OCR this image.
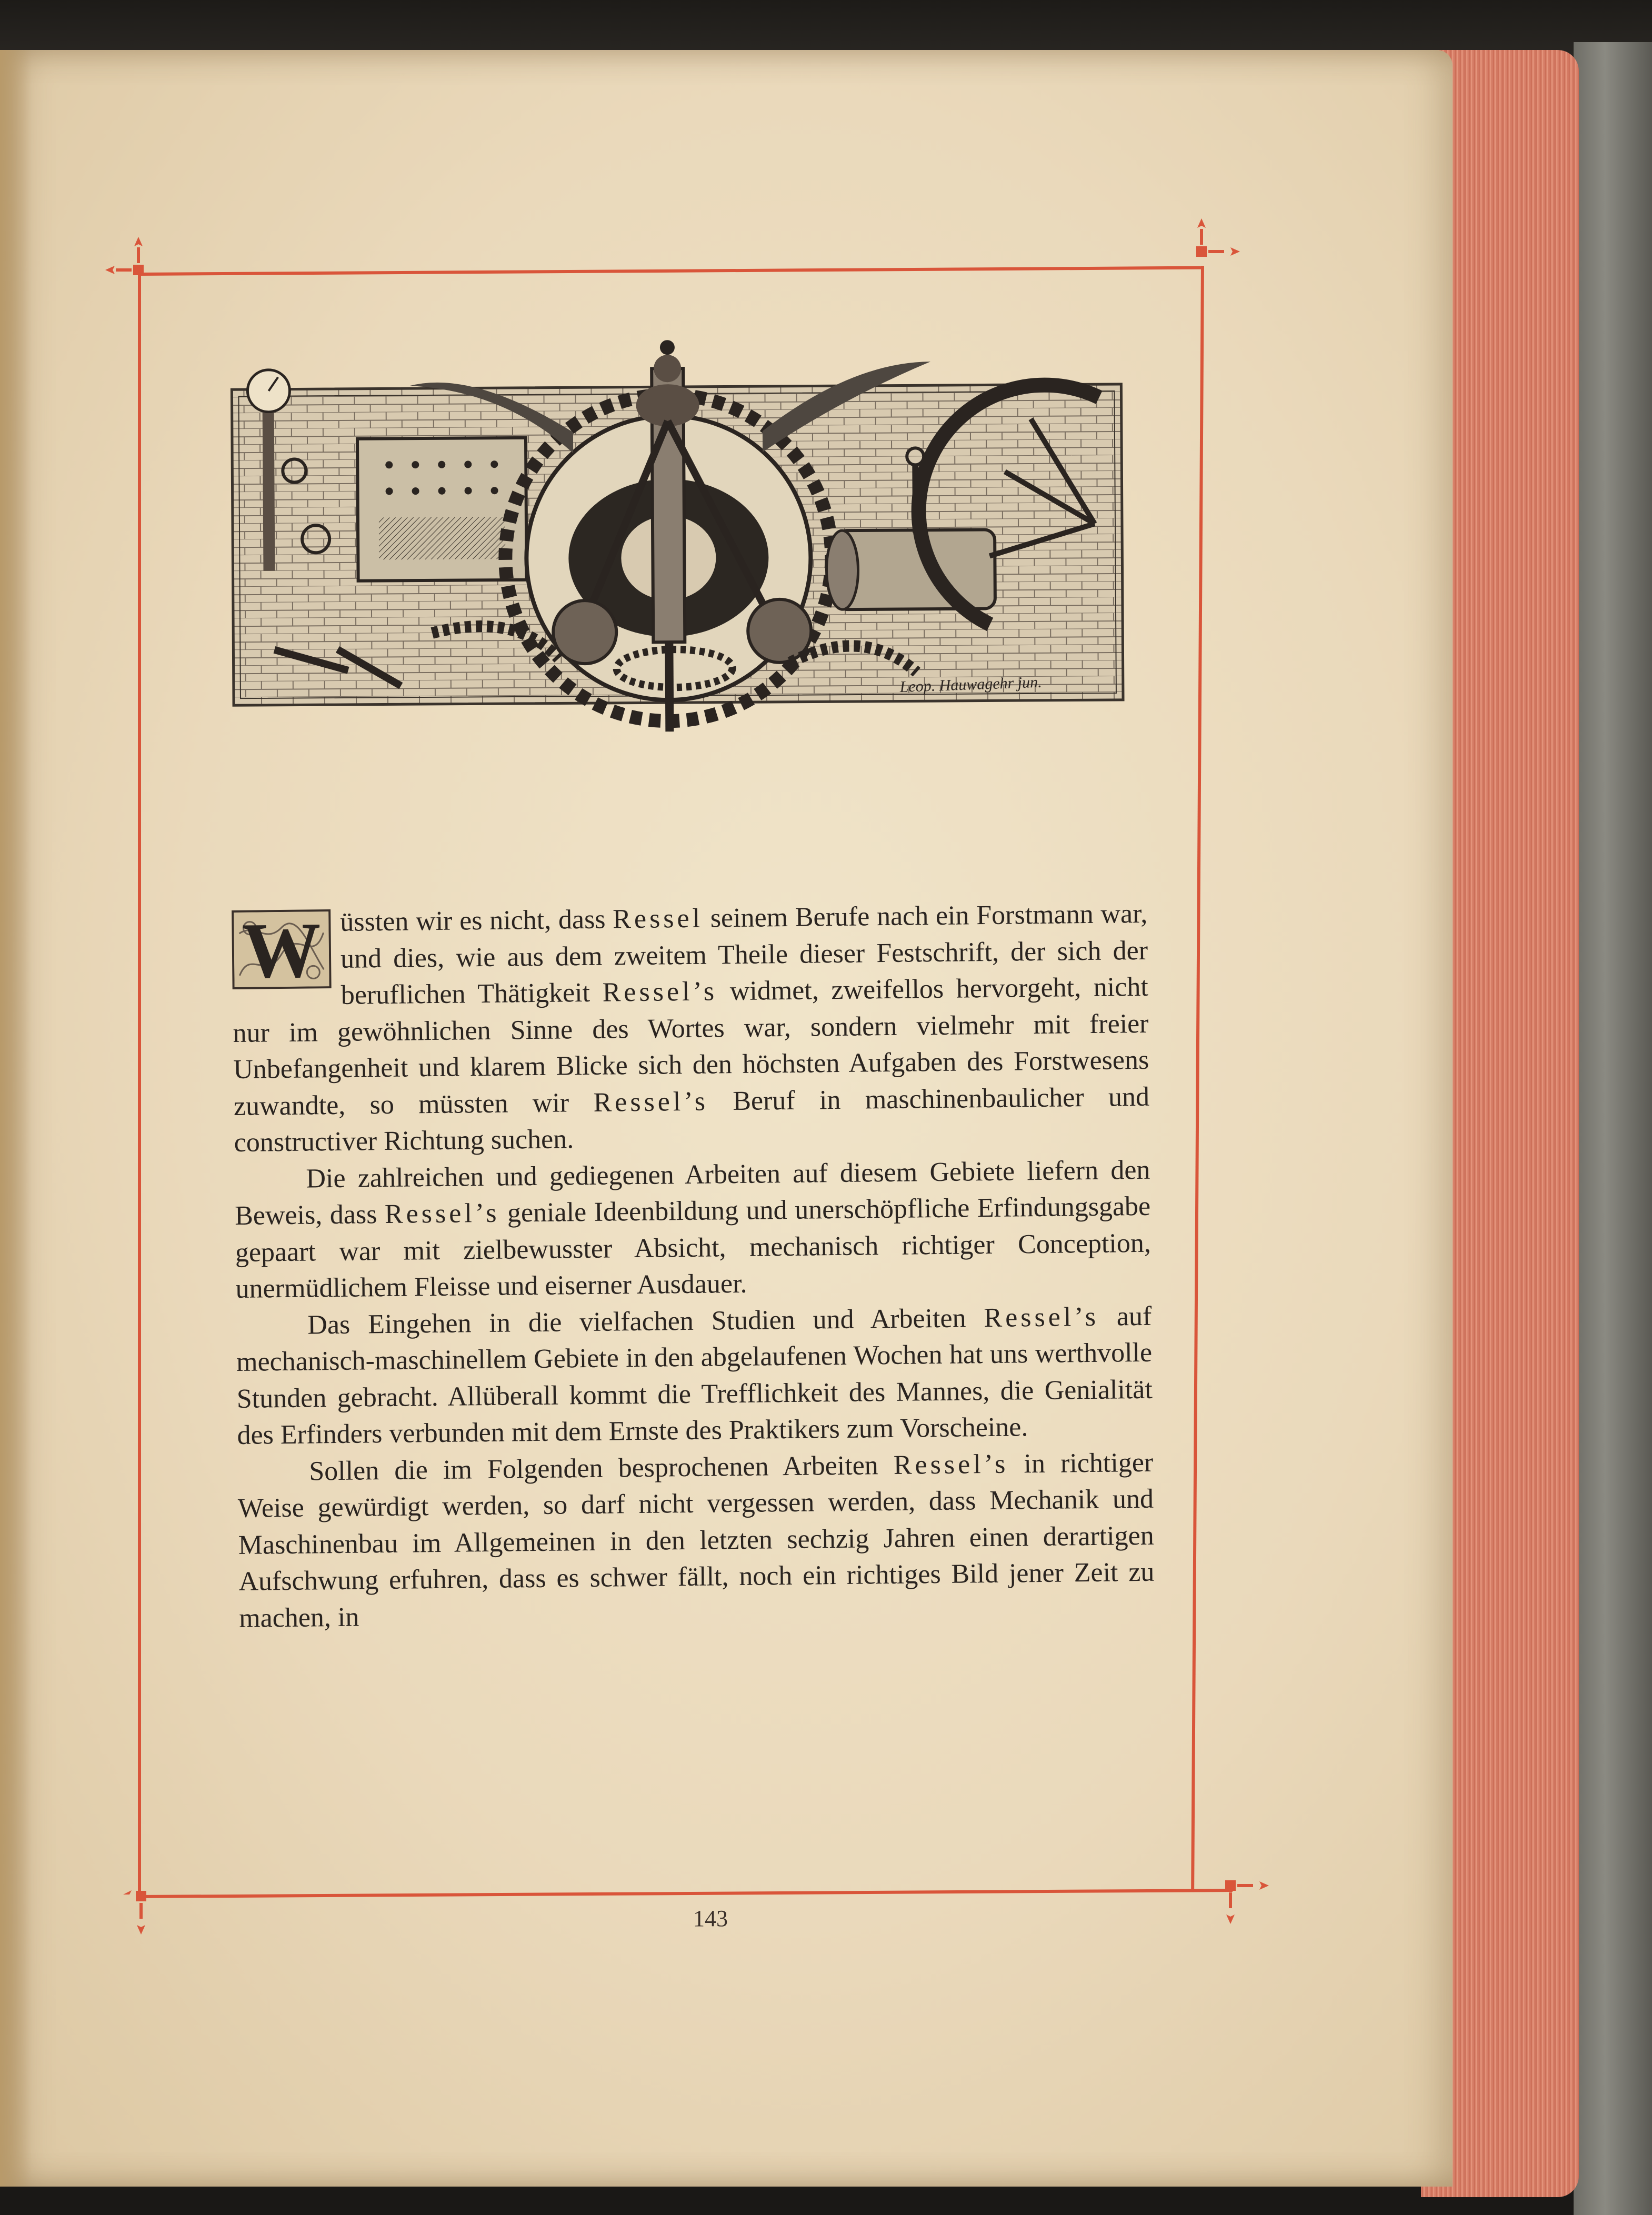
Leop. Hauwagehr jun.

W üssten wir es nicht, dass Ressel seinem Berufe nach ein Forstmann war, und dies, wie aus dem zweitem Theile dieser Festschrift, der sich der beruflichen Thätigkeit Ressel’s widmet, zweifellos hervorgeht, nicht nur im gewöhnlichen Sinne des Wortes war, sondern vielmehr mit freier Unbefangenheit und klarem Blicke sich den höchsten Aufgaben des Forstwesens zuwandte, so müssten wir Ressel’s Beruf in maschinenbaulicher und constructiver Richtung suchen.

Die zahlreichen und gediegenen Arbeiten auf diesem Gebiete liefern den Beweis, dass Ressel’s geniale Ideenbildung und unerschöpfliche Erfindungsgabe gepaart war mit zielbewusster Absicht, mechanisch richtiger Conception, unermüdlichem Fleisse und eiserner Ausdauer.

Das Eingehen in die vielfachen Studien und Arbeiten Ressel’s auf mechanisch-maschinellem Gebiete in den abgelaufenen Wochen hat uns werthvolle Stunden gebracht. Allüberall kommt die Trefflichkeit des Mannes, die Genialität des Erfinders verbunden mit dem Ernste des Praktikers zum Vorscheine.

Sollen die im Folgenden besprochenen Arbeiten Ressel’s in richtiger Weise gewürdigt werden, so darf nicht vergessen werden, dass Mechanik und Maschinenbau im Allgemeinen in den letzten sechzig Jahren einen derartigen Aufschwung erfuhren, dass es schwer fällt, noch ein richtiges Bild jener Zeit zu machen, in

143
